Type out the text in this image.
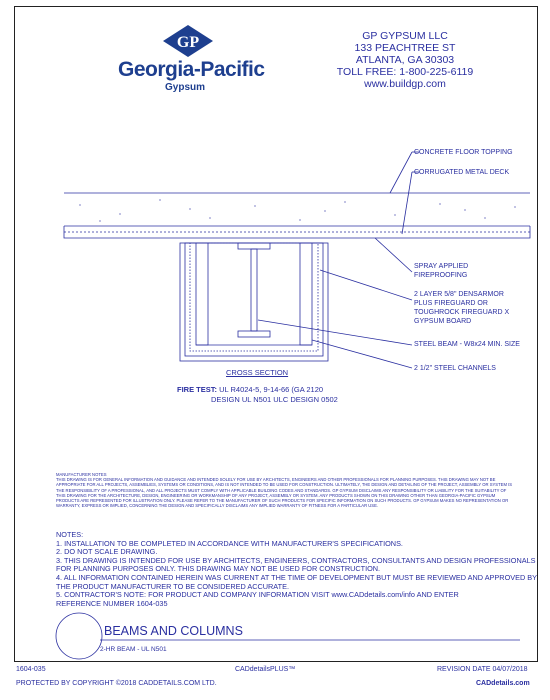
GP
Georgia-Pacific
Gypsum
GP GYPSUM LLC
133 PEACHTREE ST
ATLANTA, GA 30303
TOLL FREE: 1-800-225-6119
www.buildgp.com
CONCRETE FLOOR TOPPING
CORRUGATED METAL DECK
SPRAY APPLIED
FIREPROOFING
2 LAYER 5/8" DENSARMOR
PLUS FIREGUARD OR
TOUGHROCK FIREGUARD X
GYPSUM BOARD
STEEL BEAM - W8x24 MIN. SIZE
2 1/2" STEEL CHANNELS
CROSS SECTION
FIRE TEST: UL R4024-5, 9-14-66 (GA 2120
DESIGN UL N501 ULC DESIGN 0502
MANUFACTURER NOTES
THIS DRAWING IS FOR GENERAL INFORMATION AND GUIDANCE AND INTENDED SOLELY FOR USE BY ARCHITECTS, ENGINEERS AND OTHER PROFESSIONALS FOR PLANNING PURPOSES. THIS DRAWING MAY NOT BE APPROPRIATE FOR ALL PROJECTS, ASSEMBLIES, SYSTEMS OR CONDITIONS, AND IS NOT INTENDED TO BE USED FOR CONSTRUCTION. ULTIMATELY, THE DESIGN AND DETAILING OF THE PROJECT, ASSEMBLY OR SYSTEM IS THE RESPONSIBILITY OF A PROFESSIONAL, AND ALL PROJECTS MUST COMPLY WITH APPLICABLE BUILDING CODES AND STANDARDS. GP GYPSUM DISCLAIMS ANY RESPONSIBILITY OR LIABILITY FOR THE SUITABILITY OF THIS DRAWING FOR THE ARCHITECTURE, DESIGN, ENGINEERING OR WORKMANSHIP OF ANY PROJECT, ASSEMBLY OR SYSTEM. ANY PRODUCTS SHOWN ON THIS DRAWING OTHER THAN GEORGIA-PACIFIC GYPSUM PRODUCTS ARE REPRESENTED FOR ILLUSTRATION ONLY. PLEASE REFER TO THE MANUFACTURER OF SUCH PRODUCTS FOR SPECIFIC INFORMATION ON SUCH PRODUCTS. GP GYPSUM MAKES NO REPRESENTATION OR WARRANTY, EXPRESS OR IMPLIED, CONCERNING THE DESIGN AND SPECIFICALLY DISCLAIMS ANY IMPLIED WARRANTY OF FITNESS FOR A PARTICULAR USE.
NOTES:
1. INSTALLATION TO BE COMPLETED IN ACCORDANCE WITH MANUFACTURER'S SPECIFICATIONS.
2. DO NOT SCALE DRAWING.
3. THIS DRAWING IS INTENDED FOR USE BY ARCHITECTS, ENGINEERS, CONTRACTORS, CONSULTANTS AND DESIGN PROFESSIONALS
FOR PLANNING PURPOSES ONLY. THIS DRAWING MAY NOT BE USED FOR CONSTRUCTION.
4. ALL INFORMATION CONTAINED HEREIN WAS CURRENT AT THE TIME OF DEVELOPMENT BUT MUST BE REVIEWED AND APPROVED BY
THE PRODUCT MANUFACTURER TO BE CONSIDERED ACCURATE.
5. CONTRACTOR'S NOTE: FOR PRODUCT AND COMPANY INFORMATION VISIT www.CADdetails.com/info AND ENTER
REFERENCE NUMBER 1604-035
BEAMS AND COLUMNS
2-HR BEAM - UL N501
1604-035	CADdetailsPLUS™	REVISION DATE 04/07/2018
PROTECTED BY COPYRIGHT ©2018 CADDETAILS.COM LTD.	CADdetails.com
